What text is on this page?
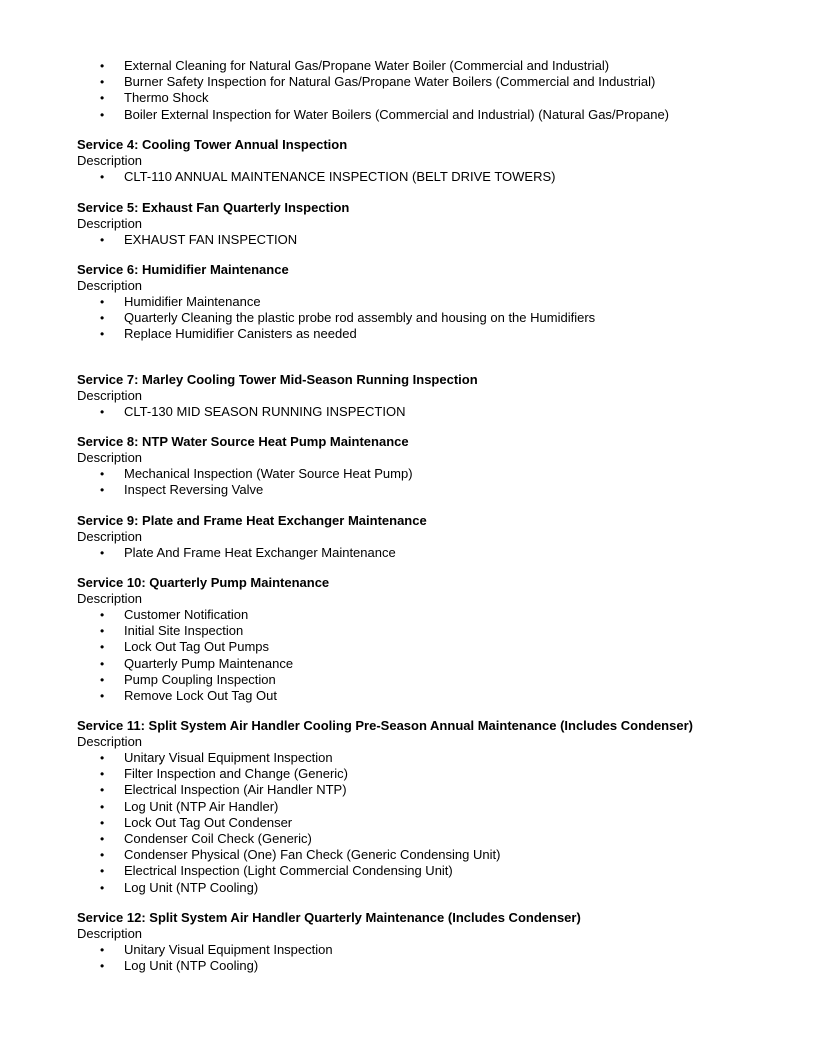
• External Cleaning for Natural Gas/Propane Water Boiler (Commercial and Industrial)
• Burner Safety Inspection for Natural Gas/Propane Water Boilers (Commercial and Industrial)
• Thermo Shock
• Boiler External Inspection for Water Boilers (Commercial and Industrial) (Natural Gas/Propane)

Service 4: Cooling Tower Annual Inspection

Description

• CLT-110 ANNUAL MAINTENANCE INSPECTION (BELT DRIVE TOWERS)

Service 5: Exhaust Fan Quarterly Inspection

Description

• EXHAUST FAN INSPECTION

Service 6: Humidifier Maintenance

Description

• Humidifier Maintenance
• Quarterly Cleaning the plastic probe rod assembly and housing on the Humidifiers
• Replace Humidifier Canisters as needed

Service 7: Marley Cooling Tower Mid-Season Running Inspection

Description

• CLT-130 MID SEASON RUNNING INSPECTION

Service 8: NTP Water Source Heat Pump Maintenance

Description

• Mechanical Inspection (Water Source Heat Pump)
• Inspect Reversing Valve

Service 9: Plate and Frame Heat Exchanger Maintenance

Description

• Plate And Frame Heat Exchanger Maintenance

Service 10: Quarterly Pump Maintenance

Description

• Customer Notification
• Initial Site Inspection
• Lock Out Tag Out Pumps
• Quarterly Pump Maintenance
• Pump Coupling Inspection
• Remove Lock Out Tag Out

Service 11: Split System Air Handler Cooling Pre-Season Annual Maintenance (Includes Condenser)

Description

• Unitary Visual Equipment Inspection
• Filter Inspection and Change (Generic)
• Electrical Inspection (Air Handler NTP)
• Log Unit (NTP Air Handler)
• Lock Out Tag Out Condenser
• Condenser Coil Check (Generic)
• Condenser Physical (One) Fan Check (Generic Condensing Unit)
• Electrical Inspection (Light Commercial Condensing Unit)
• Log Unit (NTP Cooling)

Service 12: Split System Air Handler Quarterly Maintenance (Includes Condenser)

Description

• Unitary Visual Equipment Inspection
• Log Unit (NTP Cooling)
